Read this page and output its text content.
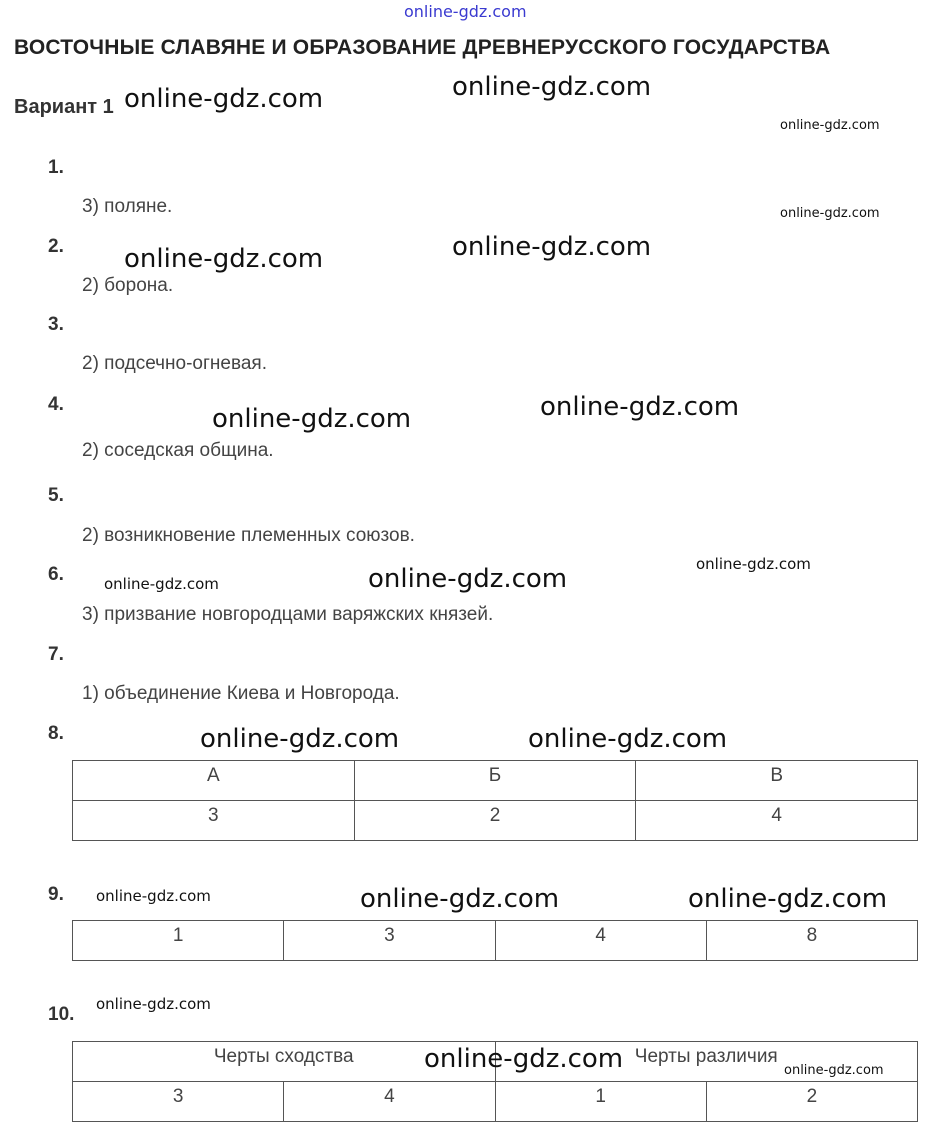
online-gdz.com
ВОСТОЧНЫЕ СЛАВЯНЕ И ОБРАЗОВАНИЕ ДРЕВНЕРУССКОГО ГОСУДАРСТВА
Вариант 1
1.
3) поляне.
2.
2) борона.
3.
2) подсечно-огневая.
4.
2) соседская община.
5.
2) возникновение племенных союзов.
6.
3) призвание новгородцами варяжских князей.
7.
1) объединение Киева и Новгорода.
8.
А	Б	В
3	2	4
9.
1	3	4	8
10.
Черты сходства		Черты различия	
3	4	1	2
online-gdz.com	online-gdz.com
online-gdz.com
online-gdz.com
online-gdz.com	online-gdz.com
online-gdz.com	online-gdz.com
online-gdz.com	online-gdz.com	online-gdz.com
online-gdz.com	online-gdz.com
online-gdz.com	online-gdz.com	online-gdz.com
online-gdz.com
online-gdz.com	online-gdz.com
